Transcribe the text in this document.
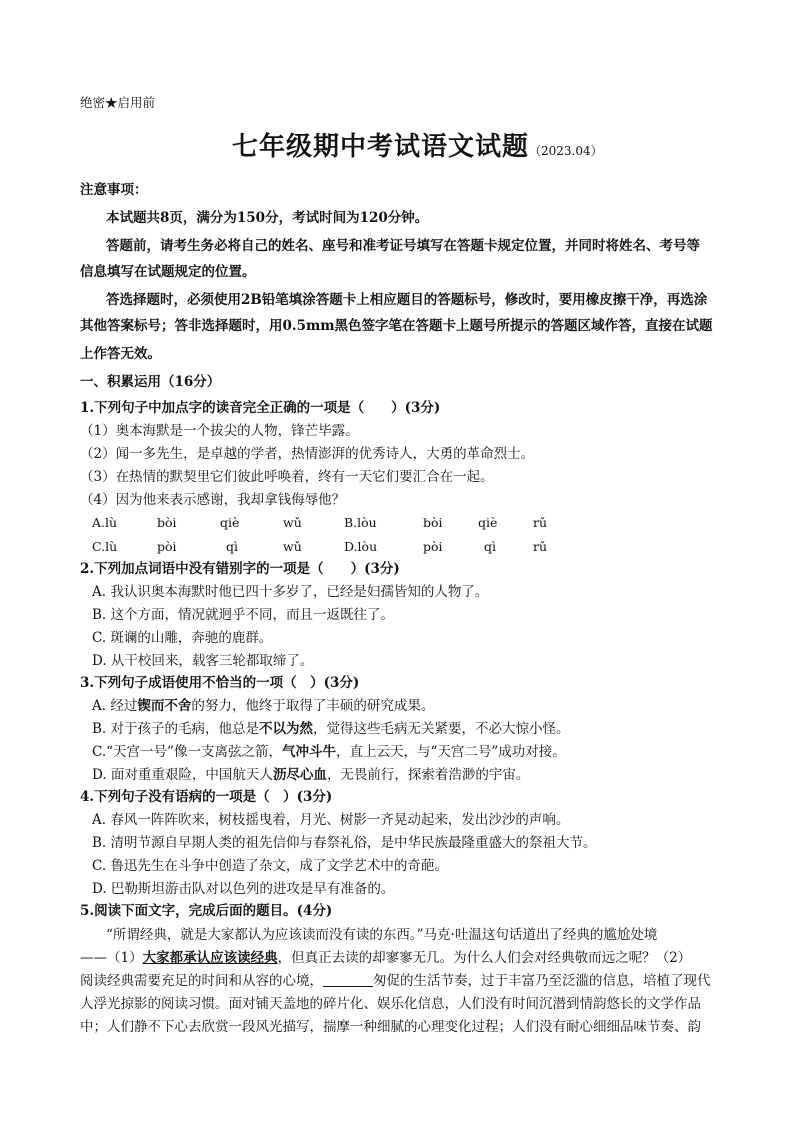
绝密★启用前
七年级期中考试语文试题（2023.04）
注意事项：
本试题共8页，满分为150分，考试时间为120分钟。
答题前，请考生务必将自己的姓名、座号和准考证号填写在答题卡规定位置，并同时将姓名、考号等
信息填写在试题规定的位置。
答选择题时，必须使用2B铅笔填涂答题卡上相应题目的答题标号，修改时，要用橡皮擦干净，再选涂
其他答案标号；答非选择题时，用0.5mm黑色签字笔在答题卡上题号所提示的答题区域作答，直接在试题
上作答无效。
一、积累运用（16分）
1.下列句子中加点字的读音完全正确的一项是（　　）(3分)
（1）奥本海默是一个拔尖的人物，锋芒毕露。
（2）闻一多先生，是卓越的学者，热情澎湃的优秀诗人，大勇的革命烈士。
（3）在热情的默契里它们彼此呼唤着，终有一天它们要汇合在一起。
（4）因为他来表示感谢，我却拿钱侮辱他？
A.lù	bòi	qiè	wǔ	B.lòu	bòi	qiè	rǔ
C.lù	pòi	qì	wǔ	D.lòu	pòi	qì	rǔ
2.下列加点词语中没有错别字的一项是（　　）(3分)
A. 我认识奥本海默时他已四十多岁了，已经是妇孺皆知的人物了。
B. 这个方面，情况就迥乎不同，而且一返既往了。
C. 斑谰的山雕，奔驰的鹿群。
D. 从干校回来，载客三轮都取缔了。
3.下列句子成语使用不恰当的一项（　）(3分)
A. 经过锲而不舍的努力，他终于取得了丰硕的研究成果。
B. 对于孩子的毛病，他总是不以为然，觉得这些毛病无关紧要，不必大惊小怪。
C.“天宫一号”像一支离弦之箭，气冲斗牛，直上云天，与“天宫二号”成功对接。
D. 面对重重艰险，中国航天人沥尽心血，无畏前行，探索着浩渺的宇宙。
4.下列句子没有语病的一项是（　）(3分)
A. 春风一阵阵吹来，树枝摇曳着，月光、树影一齐晃动起来，发出沙沙的声响。
B. 清明节源自早期人类的祖先信仰与春祭礼俗，是中华民族最隆重盛大的祭祖大节。
C. 鲁迅先生在斗争中创造了杂文，成了文学艺术中的奇葩。
D. 巴勒斯坦游击队对以色列的进攻是早有准备的。
5.阅读下面文字，完成后面的题目。(4分)
“所谓经典，就是大家都认为应该读而没有读的东西。”马克·吐温这句话道出了经典的尴尬处境
——（1）大家都承认应该读经典，但真正去读的却寥寥无几。为什么人们会对经典敬而远之呢？（2）
阅读经典需要充足的时间和从容的心境，	匆促的生活节奏，过于丰富乃至泛滥的信息，培植了现代
人浮光掠影的阅读习惯。面对铺天盖地的碎片化、娱乐化信息，人们没有时间沉潜到情韵悠长的文学作品
中；人们静不下心去欣赏一段风光描写，揣摩一种细腻的心理变化过程；人们没有耐心细细品味节奏、韵
